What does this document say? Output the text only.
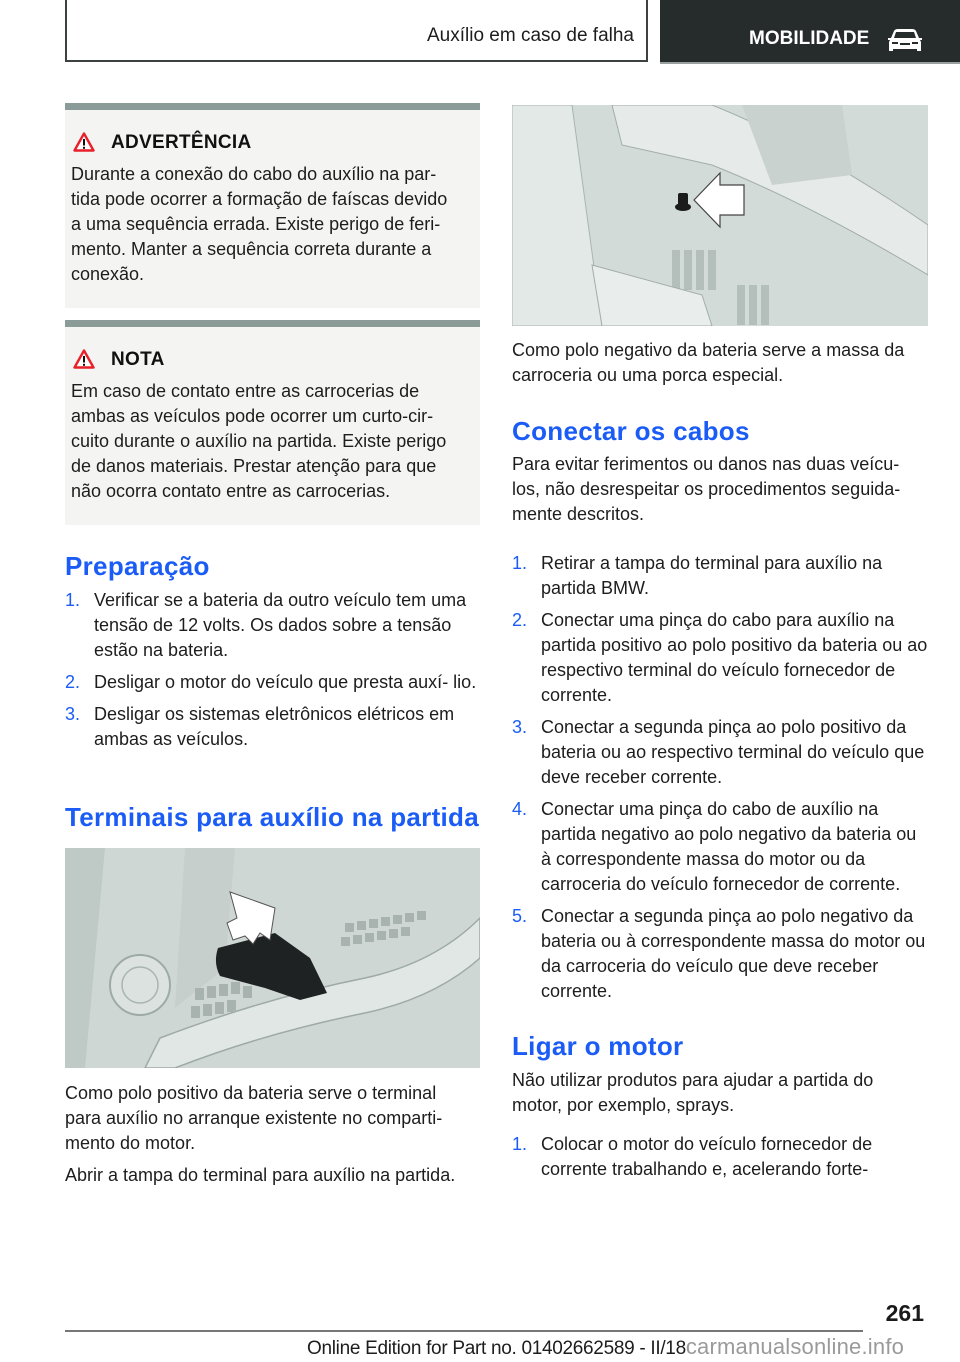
Auxílio em caso de falha	MOBILIDADE
ADVERTÊNCIA
Durante a conexão do cabo do auxílio na par-
tida pode ocorrer a formação de faíscas devido
a uma sequência errada. Existe perigo de feri-
mento. Manter a sequência correta durante a
conexão.
NOTA
Em caso de contato entre as carrocerias de
ambas as veículos pode ocorrer um curto-cir-
cuito durante o auxílio na partida. Existe perigo
de danos materiais. Prestar atenção para que
não ocorra contato entre as carrocerias.
Preparação
1. Verificar se a bateria da outro veículo tem uma tensão de 12 volts. Os dados sobre a tensão estão na bateria.
2. Desligar o motor do veículo que presta auxí- lio.
3. Desligar os sistemas eletrônicos elétricos em ambas as veículos.
Terminais para auxílio na partida
Como polo positivo da bateria serve o terminal
para auxílio no arranque existente no comparti-
mento do motor.
Abrir a tampa do terminal para auxílio na partida.
Como polo negativo da bateria serve a massa da
carroceria ou uma porca especial.
Conectar os cabos
Para evitar ferimentos ou danos nas duas veícu-
los, não desrespeitar os procedimentos seguida-
mente descritos.
1. Retirar a tampa do terminal para auxílio na partida BMW.
2. Conectar uma pinça do cabo para auxílio na partida positivo ao polo positivo da bateria ou ao respectivo terminal do veículo fornecedor de corrente.
3. Conectar a segunda pinça ao polo positivo da bateria ou ao respectivo terminal do veículo que deve receber corrente.
4. Conectar uma pinça do cabo de auxílio na partida negativo ao polo negativo da bateria ou à correspondente massa do motor ou da carroceria do veículo fornecedor de corrente.
5. Conectar a segunda pinça ao polo negativo da bateria ou à correspondente massa do motor ou da carroceria do veículo que deve receber corrente.
Ligar o motor
Não utilizar produtos para ajudar a partida do
motor, por exemplo, sprays.
1. Colocar o motor do veículo fornecedor de corrente trabalhando e, acelerando forte-
261
Online Edition for Part no. 01402662589 - II/18carmanualsonline.info
